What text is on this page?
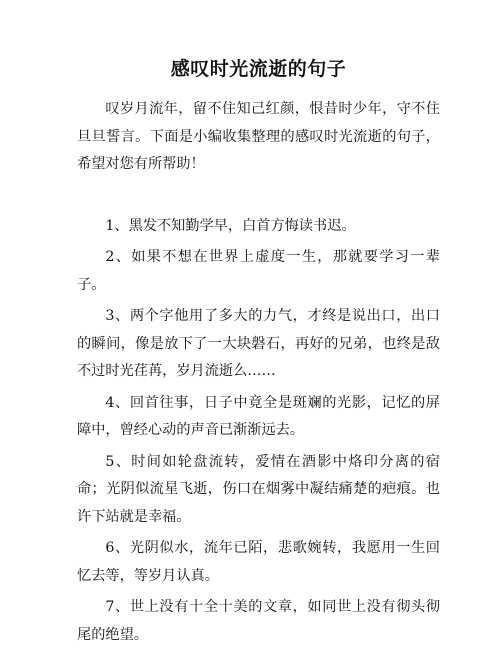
感叹时光流逝的句子

叹岁月流年，留不住知己红颜，恨昔时少年，守不住旦旦誓言。下面是小编收集整理的感叹时光流逝的句子，希望对您有所帮助！

1、黑发不知勤学早，白首方悔读书迟。

2、如果不想在世界上虚度一生，那就要学习一辈子。

3、两个字他用了多大的力气，才终是说出口，出口的瞬间，像是放下了一大块磐石，再好的兄弟，也终是敌不过时光荏苒，岁月流逝么……

4、回首往事，日子中竟全是斑斓的光影，记忆的屏障中，曾经心动的声音已渐渐远去。

5、时间如轮盘流转，爱情在酒影中烙印分离的宿命；光阴似流星飞逝，伤口在烟雾中凝结痛楚的疤痕。也许下站就是幸福。

6、光阴似水，流年已陌，悲歌婉转，我愿用一生回忆去等，等岁月认真。

7、世上没有十全十美的文章，如同世上没有彻头彻尾的绝望。
